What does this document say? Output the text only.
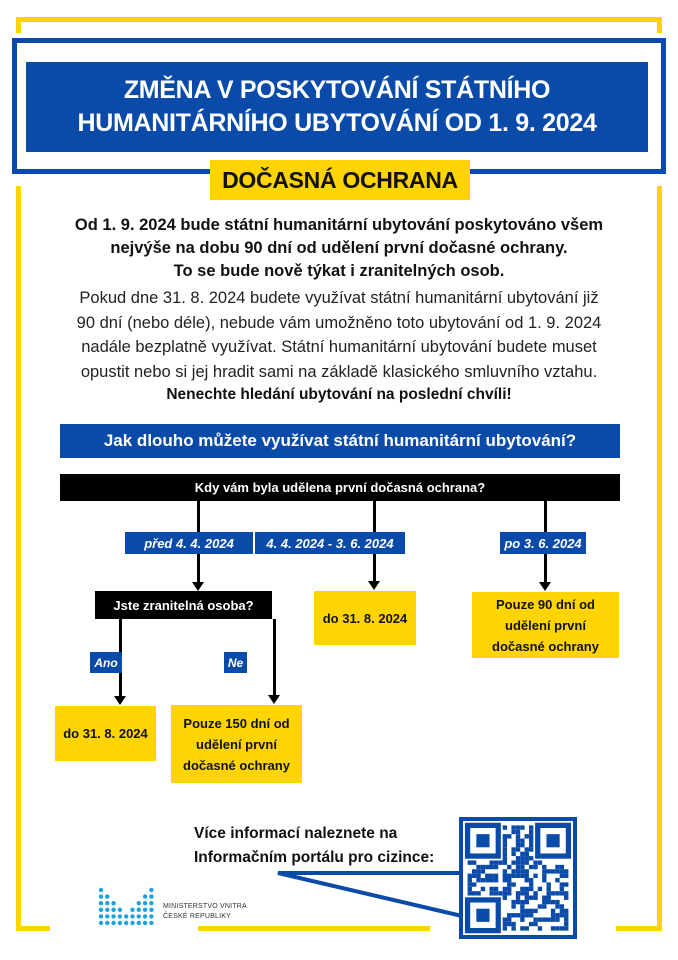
ZMĚNA V POSKYTOVÁNÍ STÁTNÍHO
HUMANITÁRNÍHO UBYTOVÁNÍ OD 1. 9. 2024
DOČASNÁ OCHRANA
Od 1. 9. 2024 bude státní humanitární ubytování poskytováno všem
nejvýše na dobu 90 dní od udělení první dočasné ochrany.
To se bude nově týkat i zranitelných osob.
Pokud dne 31. 8. 2024 budete využívat státní humanitární ubytování již
90 dní (nebo déle), nebude vám umožněno toto ubytování od 1. 9. 2024
nadále bezplatně využívat. Státní humanitární ubytování budete muset
opustit nebo si jej hradit sami na základě klasického smluvního vztahu.
Nenechte hledání ubytování na poslední chvíli!
Jak dlouho můžete využívat státní humanitární ubytování?
Kdy vám byla udělena první dočasná ochrana?
před 4. 4. 2024	4. 4. 2024 - 3. 6. 2024	po 3. 6. 2024
Jste zranitelná osoba?
do 31. 8. 2024
Pouze 90 dní od
udělení první
dočasné ochrany
Ano	Ne
do 31. 8. 2024
Pouze 150 dní od
udělení první
dočasné ochrany
Více informací naleznete na
Informačním portálu pro cizince:
MINISTERSTVO VNITRA
ČESKÉ REPUBLIKY
